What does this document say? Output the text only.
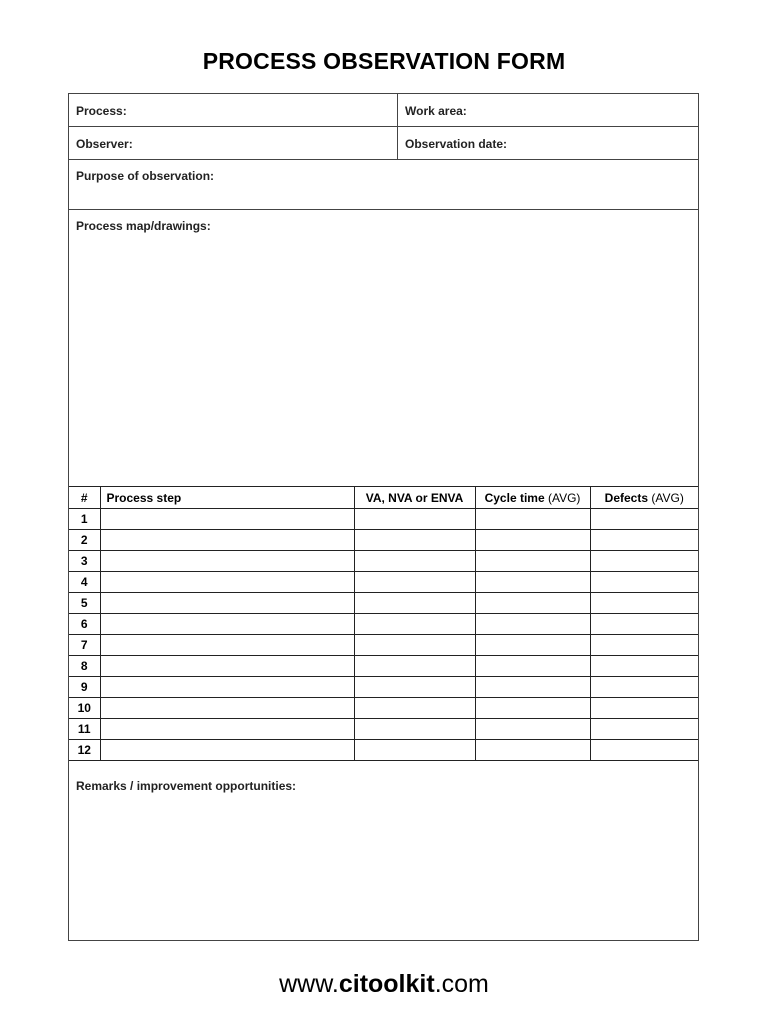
PROCESS OBSERVATION FORM
Process:	Work area:
Observer:	Observation date:
Purpose of observation:
Process map/drawings:
#	Process step	VA, NVA or ENVA	Cycle time (AVG)	Defects (AVG)
1				
2				
3				
4				
5				
6				
7				
8				
9				
10				
11				
12				
Remarks / improvement opportunities:
www.citoolkit.com
